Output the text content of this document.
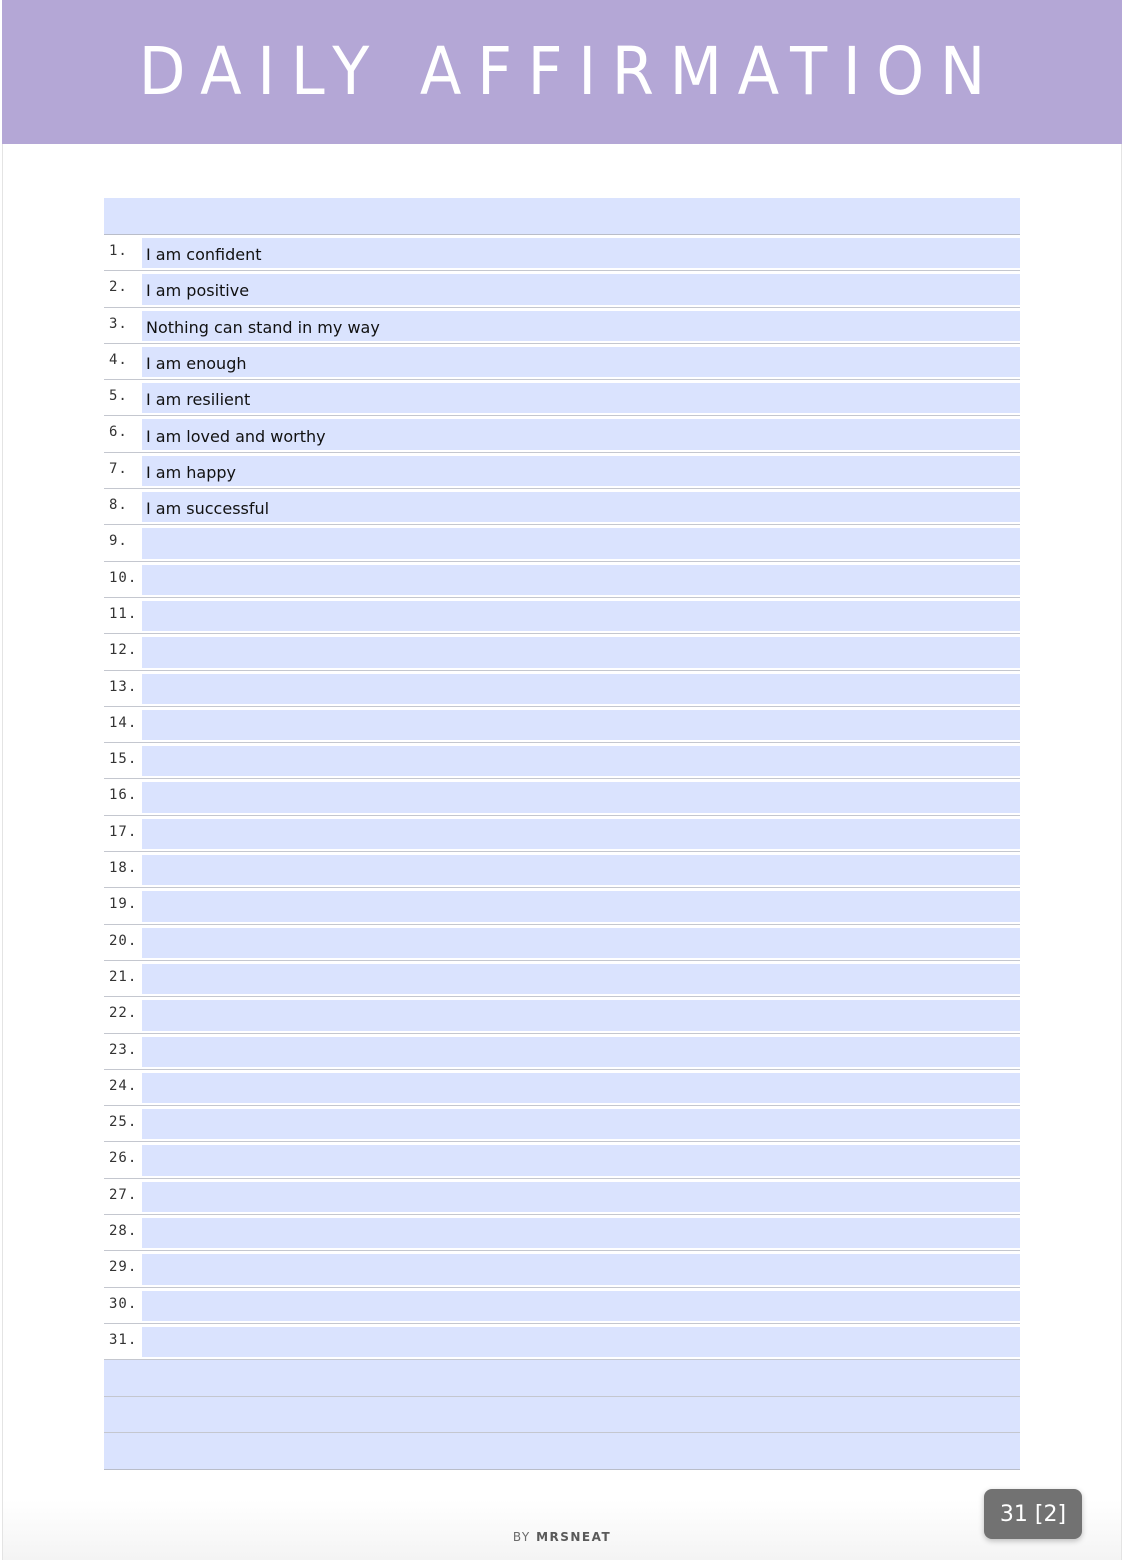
DAILY AFFIRMATION
1. I am confident
2. I am positive
3. Nothing can stand in my way
4. I am enough
5. I am resilient
6. I am loved and worthy
7. I am happy
8. I am successful
9.
10.
11.
12.
13.
14.
15.
16.
17.
18.
19.
20.
21.
22.
23.
24.
25.
26.
27.
28.
29.
30.
31.
BY MRSNEAT
31 [2]
